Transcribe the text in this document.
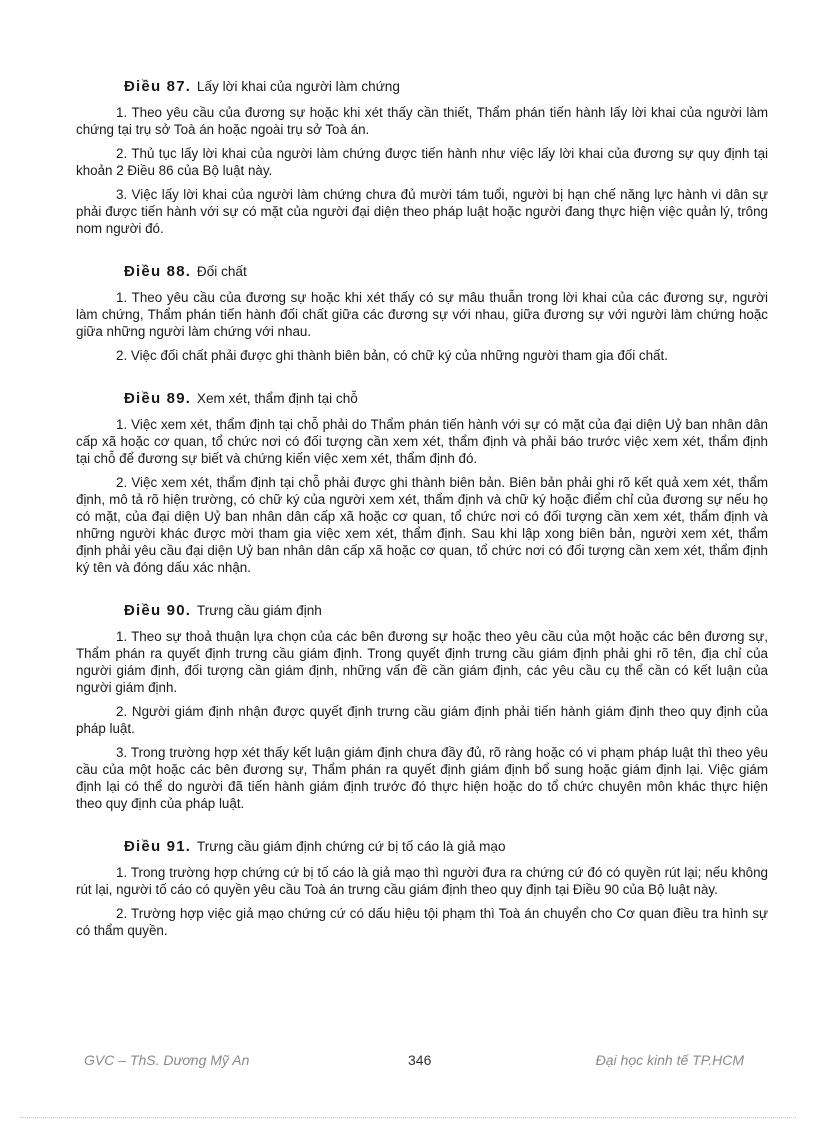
Điều 87. Lấy lời khai của người làm chứng

1. Theo yêu cầu của đương sự hoặc khi xét thấy cần thiết, Thẩm phán tiến hành lấy lời khai của người làm chứng tại trụ sở Toà án hoặc ngoài trụ sở Toà án.

2. Thủ tục lấy lời khai của người làm chứng được tiến hành như việc lấy lời khai của đương sự quy định tại khoản 2 Điều 86 của Bộ luật này.

3. Việc lấy lời khai của người làm chứng chưa đủ mười tám tuổi, người bị hạn chế năng lực hành vi dân sự phải được tiến hành với sự có mặt của người đại diện theo pháp luật hoặc người đang thực hiện việc quản lý, trông nom người đó.

Điều 88. Đối chất

1. Theo yêu cầu của đương sự hoặc khi xét thấy có sự mâu thuẫn trong lời khai của các đương sự, người làm chứng, Thẩm phán tiến hành đối chất giữa các đương sự với nhau, giữa đương sự với người làm chứng hoặc giữa những người làm chứng với nhau.

2. Việc đối chất phải được ghi thành biên bản, có chữ ký của những người tham gia đối chất.

Điều 89. Xem xét, thẩm định tại chỗ

1. Việc xem xét, thẩm định tại chỗ phải do Thẩm phán tiến hành với sự có mặt của đại diện Uỷ ban nhân dân cấp xã hoặc cơ quan, tổ chức nơi có đối tượng cần xem xét, thẩm định và phải báo trước việc xem xét, thẩm định tại chỗ để đương sự biết và chứng kiến việc xem xét, thẩm định đó.

2. Việc xem xét, thẩm định tại chỗ phải được ghi thành biên bản. Biên bản phải ghi rõ kết quả xem xét, thẩm định, mô tả rõ hiện trường, có chữ ký của người xem xét, thẩm định và chữ ký hoặc điểm chỉ của đương sự nếu họ có mặt, của đại diện Uỷ ban nhân dân cấp xã hoặc cơ quan, tổ chức nơi có đối tượng cần xem xét, thẩm định và những người khác được mời tham gia việc xem xét, thẩm định. Sau khi lập xong biên bản, người xem xét, thẩm định phải yêu cầu đại diện Uỷ ban nhân dân cấp xã hoặc cơ quan, tổ chức nơi có đối tượng cần xem xét, thẩm định ký tên và đóng dấu xác nhận.

Điều 90. Trưng cầu giám định

1. Theo sự thoả thuận lựa chọn của các bên đương sự hoặc theo yêu cầu của một hoặc các bên đương sự, Thẩm phán ra quyết định trưng cầu giám định. Trong quyết định trưng cầu giám định phải ghi rõ tên, địa chỉ của người giám định, đối tượng cần giám định, những vấn đề cần giám định, các yêu cầu cụ thể cần có kết luận của người giám định.

2. Người giám định nhận được quyết định trưng cầu giám định phải tiến hành giám định theo quy định của pháp luật.

3. Trong trường hợp xét thấy kết luận giám định chưa đầy đủ, rõ ràng hoặc có vi phạm pháp luật thì theo yêu cầu của một hoặc các bên đương sự, Thẩm phán ra quyết định giám định bổ sung hoặc giám định lại. Việc giám định lại có thể do người đã tiến hành giám định trước đó thực hiện hoặc do tổ chức chuyên môn khác thực hiện theo quy định của pháp luật.

Điều 91. Trưng cầu giám định chứng cứ bị tố cáo là giả mạo

1. Trong trường hợp chứng cứ bị tố cáo là giả mạo thì người đưa ra chứng cứ đó có quyền rút lại; nếu không rút lại, người tố cáo có quyền yêu cầu Toà án trưng cầu giám định theo quy định tại Điều 90 của Bộ luật này.

2. Trường hợp việc giả mạo chứng cứ có dấu hiệu tội phạm thì Toà án chuyển cho Cơ quan điều tra hình sự có thẩm quyền.

GVC – ThS. Dương Mỹ An	346	Đại học kinh tế TP.HCM
